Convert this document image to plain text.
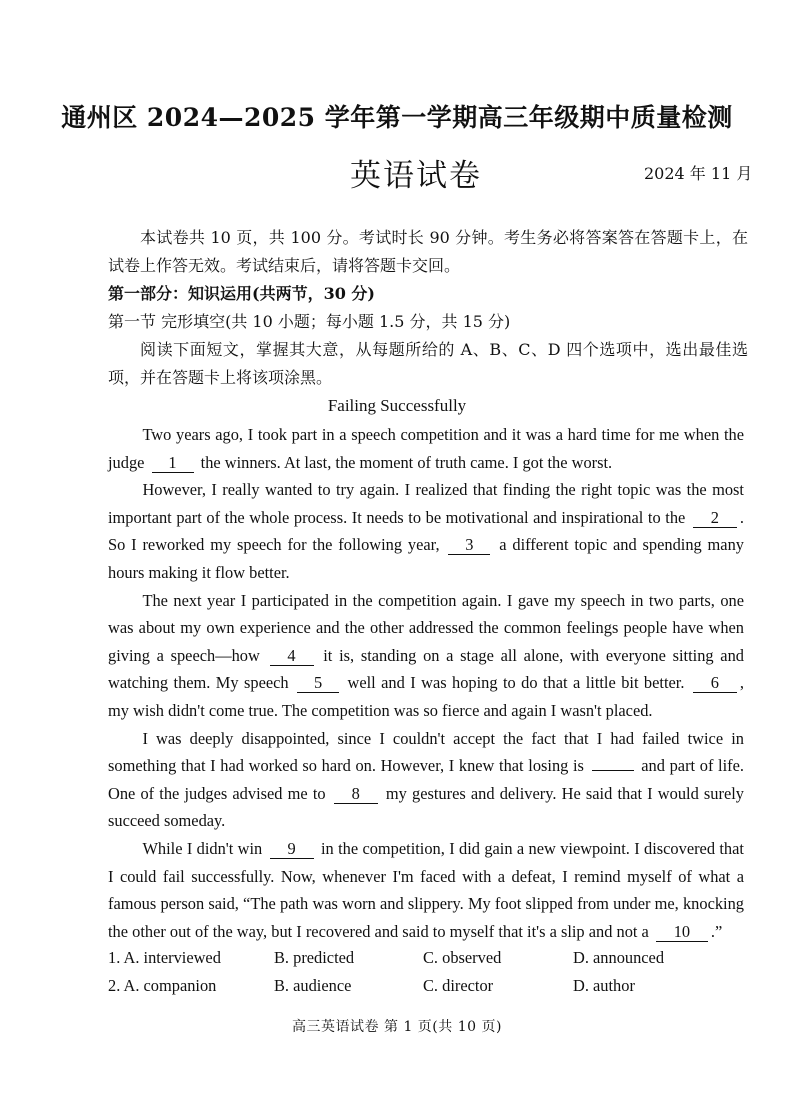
通州区 2024—2025 学年第一学期高三年级期中质量检测
英语试卷	2024 年 11 月
本试卷共 10 页，共 100 分。考试时长 90 分钟。考生务必将答案答在答题卡上，在试卷上作答无效。考试结束后，请将答题卡交回。
第一部分：知识运用(共两节，30 分)
第一节 完形填空(共 10 小题；每小题 1.5 分，共 15 分)
阅读下面短文，掌握其大意，从每题所给的 A、B、C、D 四个选项中，选出最佳选项，并在答题卡上将该项涂黑。
Failing Successfully

Two years ago, I took part in a speech competition and it was a hard time for me when the judge 1 the winners. At last, the moment of truth came. I got the worst.

However, I really wanted to try again. I realized that finding the right topic was the most important part of the whole process. It needs to be motivational and inspirational to the 2 . So I reworked my speech for the following year, 3 a different topic and spending many hours making it flow better.

The next year I participated in the competition again. I gave my speech in two parts, one was about my own experience and the other addressed the common feelings people have when giving a speech—how 4 it is, standing on a stage all alone, with everyone sitting and watching them. My speech 5 well and I was hoping to do that a little bit better. 6 , my wish didn't come true. The competition was so fierce and again I wasn't placed.

I was deeply disappointed, since I couldn't accept the fact that I had failed twice in something that I had worked so hard on. However, I knew that losing is	and part of life. One of the judges advised me to 8 my gestures and delivery. He said that I would surely succeed someday.

While I didn't win 9 in the competition, I did gain a new viewpoint. I discovered that I could fail successfully. Now, whenever I'm faced with a defeat, I remind myself of what a famous person said, “The path was worn and slippery. My foot slipped from under me, knocking the other out of the way, but I recovered and said to myself that it's a slip and not a 10 .”

1. A. interviewed	B. predicted	C. observed	D. announced
2. A. companion	B. audience	C. director	D. author
高三英语试卷 第 1 页(共 10 页)
